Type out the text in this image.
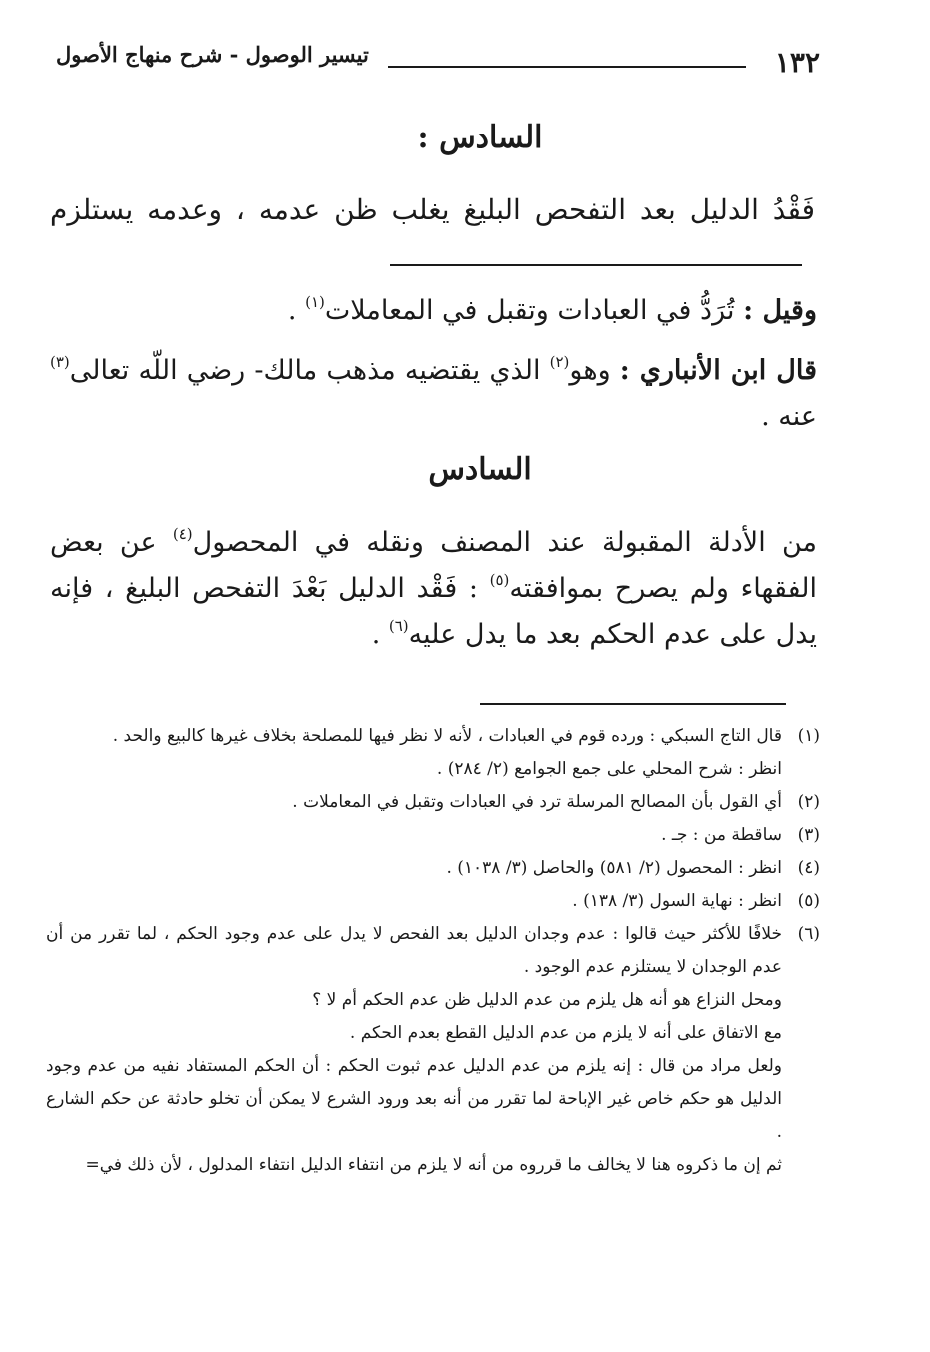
١٣٢
تيسير الوصول - شرح منهاج الأصول
السادس :
فَقْدُ الدليل بعد التفحص البليغ يغلب ظن عدمه ، وعدمه يستلزم
وقيل : تُرَدُّ في العبادات وتقبل في المعاملات$^{(١)}$ .
قال ابن الأنباري : وهو$^{(٢)}$ الذي يقتضيه مذهب مالك- رضي اللّه تعالى$^{(٣)}$ عنه .
السادس
من الأدلة المقبولة عند المصنف ونقله في المحصول$^{(٤)}$ عن بعض الفقهاء ولم يصرح بموافقته$^{(٥)}$ : فَقْد الدليل بَعْدَ التفحص البليغ ، فإنه يدل على عدم الحكم بعد ما يدل عليه$^{(٦)}$ .
(١)
قال التاج السبكي : ورده قوم في العبادات ، لأنه لا نظر فيها للمصلحة بخلاف غيرها كالبيع والحد .
انظر : شرح المحلي على جمع الجوامع (٢/ ٢٨٤) .
(٢)
أي القول بأن المصالح المرسلة ترد في العبادات وتقبل في المعاملات .
(٣)
ساقطة من : جـ .
(٤)
انظر : المحصول (٢/ ٥٨١) والحاصل (٣/ ١٠٣٨) .
(٥)
انظر : نهاية السول (٣/ ١٣٨) .
(٦)
خلافًا للأكثر حيث قالوا : عدم وجدان الدليل بعد الفحص لا يدل على عدم وجود الحكم ، لما تقرر من أن عدم الوجدان لا يستلزم عدم الوجود .
ومحل النزاع هو أنه هل يلزم من عدم الدليل ظن عدم الحكم أم لا ؟
مع الاتفاق على أنه لا يلزم من عدم الدليل القطع بعدم الحكم .
ولعل مراد من قال : إنه يلزم من عدم الدليل عدم ثبوت الحكم : أن الحكم المستفاد نفيه من عدم وجود الدليل هو حكم خاص غير الإباحة لما تقرر من أنه بعد ورود الشرع لا يمكن أن تخلو حادثة عن حكم الشارع .
ثم إن ما ذكروه هنا لا يخالف ما قرروه من أنه لا يلزم من انتفاء الدليل انتفاء المدلول ، لأن ذلك في=
